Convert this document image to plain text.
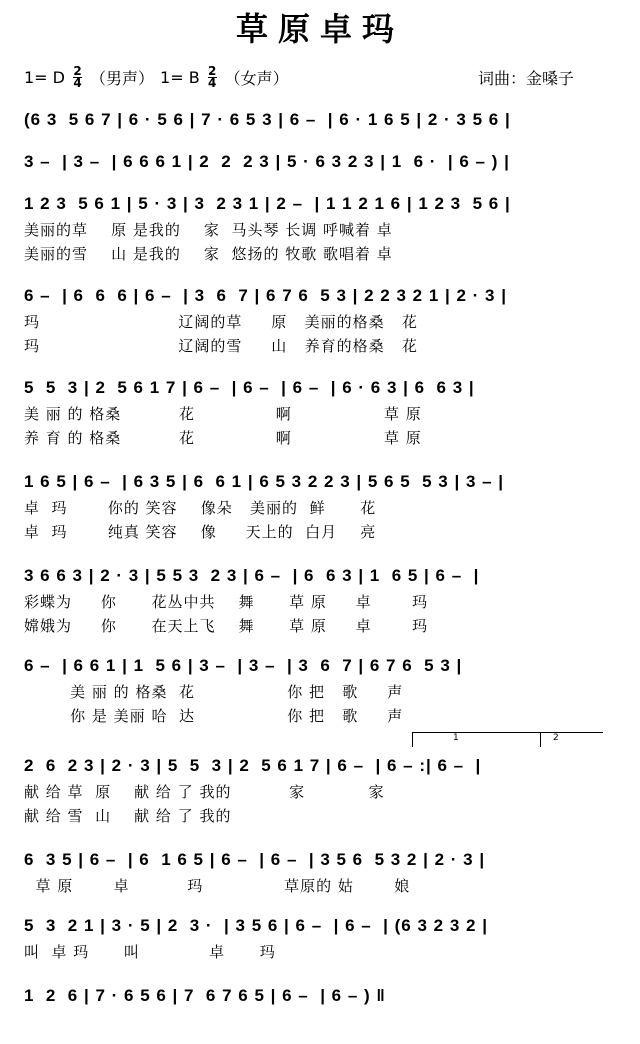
草原卓玛
1= D $\frac{2}{4}$ （男声） 1= B $\frac{2}{4}$ （女声）	词曲：金嗓子
(6 3  5 6 7 | 6 · 5 6 | 7 · 6 5 3 | 6 –  | 6 · 1 6 5 | 2 · 3 5 6 |
3 –  | 3 –  | 6 6 6 1 | 2  2  2 3 | 5 · 6 3 2 3 | 1  6 ·  | 6 – ) |
1 2 3  5 6 1 | 5 · 3 | 3  2 3 1 | 2 –  | 1 1 2 1 6 | 1 2 3  5 6 |
美丽的草    原 是我的    家  马头琴 长调 呼喊着 卓
美丽的雪    山 是我的    家  悠扬的 牧歌 歌唱着 卓
6 –  | 6  6  6 | 6 –  | 3  6  7 | 6 7 6  5 3 | 2 2 3 2 1 | 2 · 3 |
玛                        辽阔的草     原   美丽的格桑   花
玛                        辽阔的雪     山   养育的格桑   花
5  5  3 | 2  5 6 1 7 | 6 –  | 6 –  | 6 –  | 6 · 6 3 | 6  6 3 |
美 丽 的 格桑          花              啊                草 原
养 育 的 格桑          花              啊                草 原
1 6 5 | 6 –  | 6 3 5 | 6  6 1 | 6 5 3 2 2 3 | 5 6 5  5 3 | 3 – |
卓  玛       你的 笑容    像朵   美丽的  鲜      花
卓  玛       纯真 笑容    像     天上的  白月    亮
3 6 6 3 | 2 · 3 | 5 5 3  2 3 | 6 –  | 6  6 3 | 1  6 5 | 6 –  |
彩蝶为     你      花丛中共    舞      草 原     卓       玛
嫦娥为     你      在天上飞    舞      草 原     卓       玛
6 –  | 6 6 1 | 1  5 6 | 3 –  | 3 –  | 3  6  7 | 6 7 6  5 3 |
美 丽 的 格桑  花                你 把   歌     声
你 是 美丽 哈  达                你 把   歌     声
1	2
2  6  2 3 | 2 · 3 | 5  5  3 | 2  5 6 1 7 | 6 –  | 6 – :| 6 –  |
献 给 草  原    献 给 了 我的          家           家
献 给 雪  山    献 给 了 我的
6  3 5 | 6 –  | 6  1 6 5 | 6 –  | 6 –  | 3 5 6  5 3 2 | 2 · 3 |
草 原       卓          玛              草原的 姑       娘
5  3  2 1 | 3 · 5 | 2  3 ·  | 3 5 6 | 6 –  | 6 –  | (6 3 2 3 2 |
叫  卓 玛      叫            卓      玛
1  2  6 | 7 · 6 5 6 | 7  6 7 6 5 | 6 –  | 6 – ) ‖
